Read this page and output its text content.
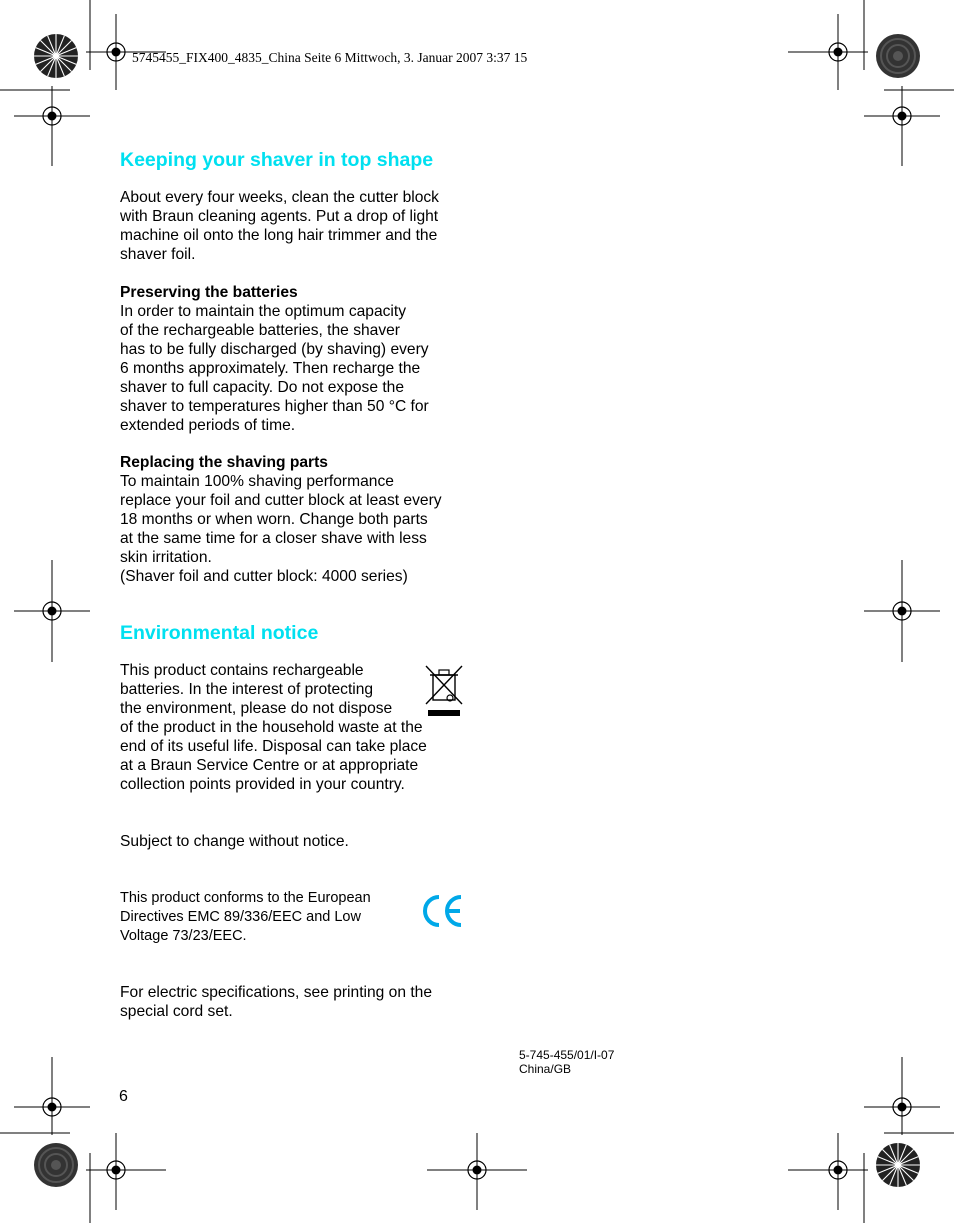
5745455_FIX400_4835_China Seite 6 Mittwoch, 3. Januar 2007 3:37 15
Keeping your shaver in top shape

About every four weeks, clean the cutter block

with Braun cleaning agents. Put a drop of light

machine oil onto the long hair trimmer and the

shaver foil.

Preserving the batteries

In order to maintain the optimum capacity

of the rechargeable batteries, the shaver

has to be fully discharged (by shaving) every

6 months approximately. Then recharge the

shaver to full capacity. Do not expose the

shaver to temperatures higher than 50 °C for

extended periods of time.

Replacing the shaving parts

To maintain 100% shaving performance

replace your foil and cutter block at least every

18 months or when worn. Change both parts

at the same time for a closer shave with less

skin irritation.

(Shaver foil and cutter block: 4000 series)

Environmental notice

This product contains rechargeable

batteries. In the interest of protecting

the environment, please do not dispose

of the product in the household waste at the

end of its useful life. Disposal can take place

at a Braun Service Centre or at appropriate

collection points provided in your country.

Subject to change without notice.

This product conforms to the European

Directives EMC 89/336/EEC and Low

Voltage 73/23/EEC.

For electric specifications, see printing on the

special cord set.

5-745-455/01/I-07
China/GB
6
